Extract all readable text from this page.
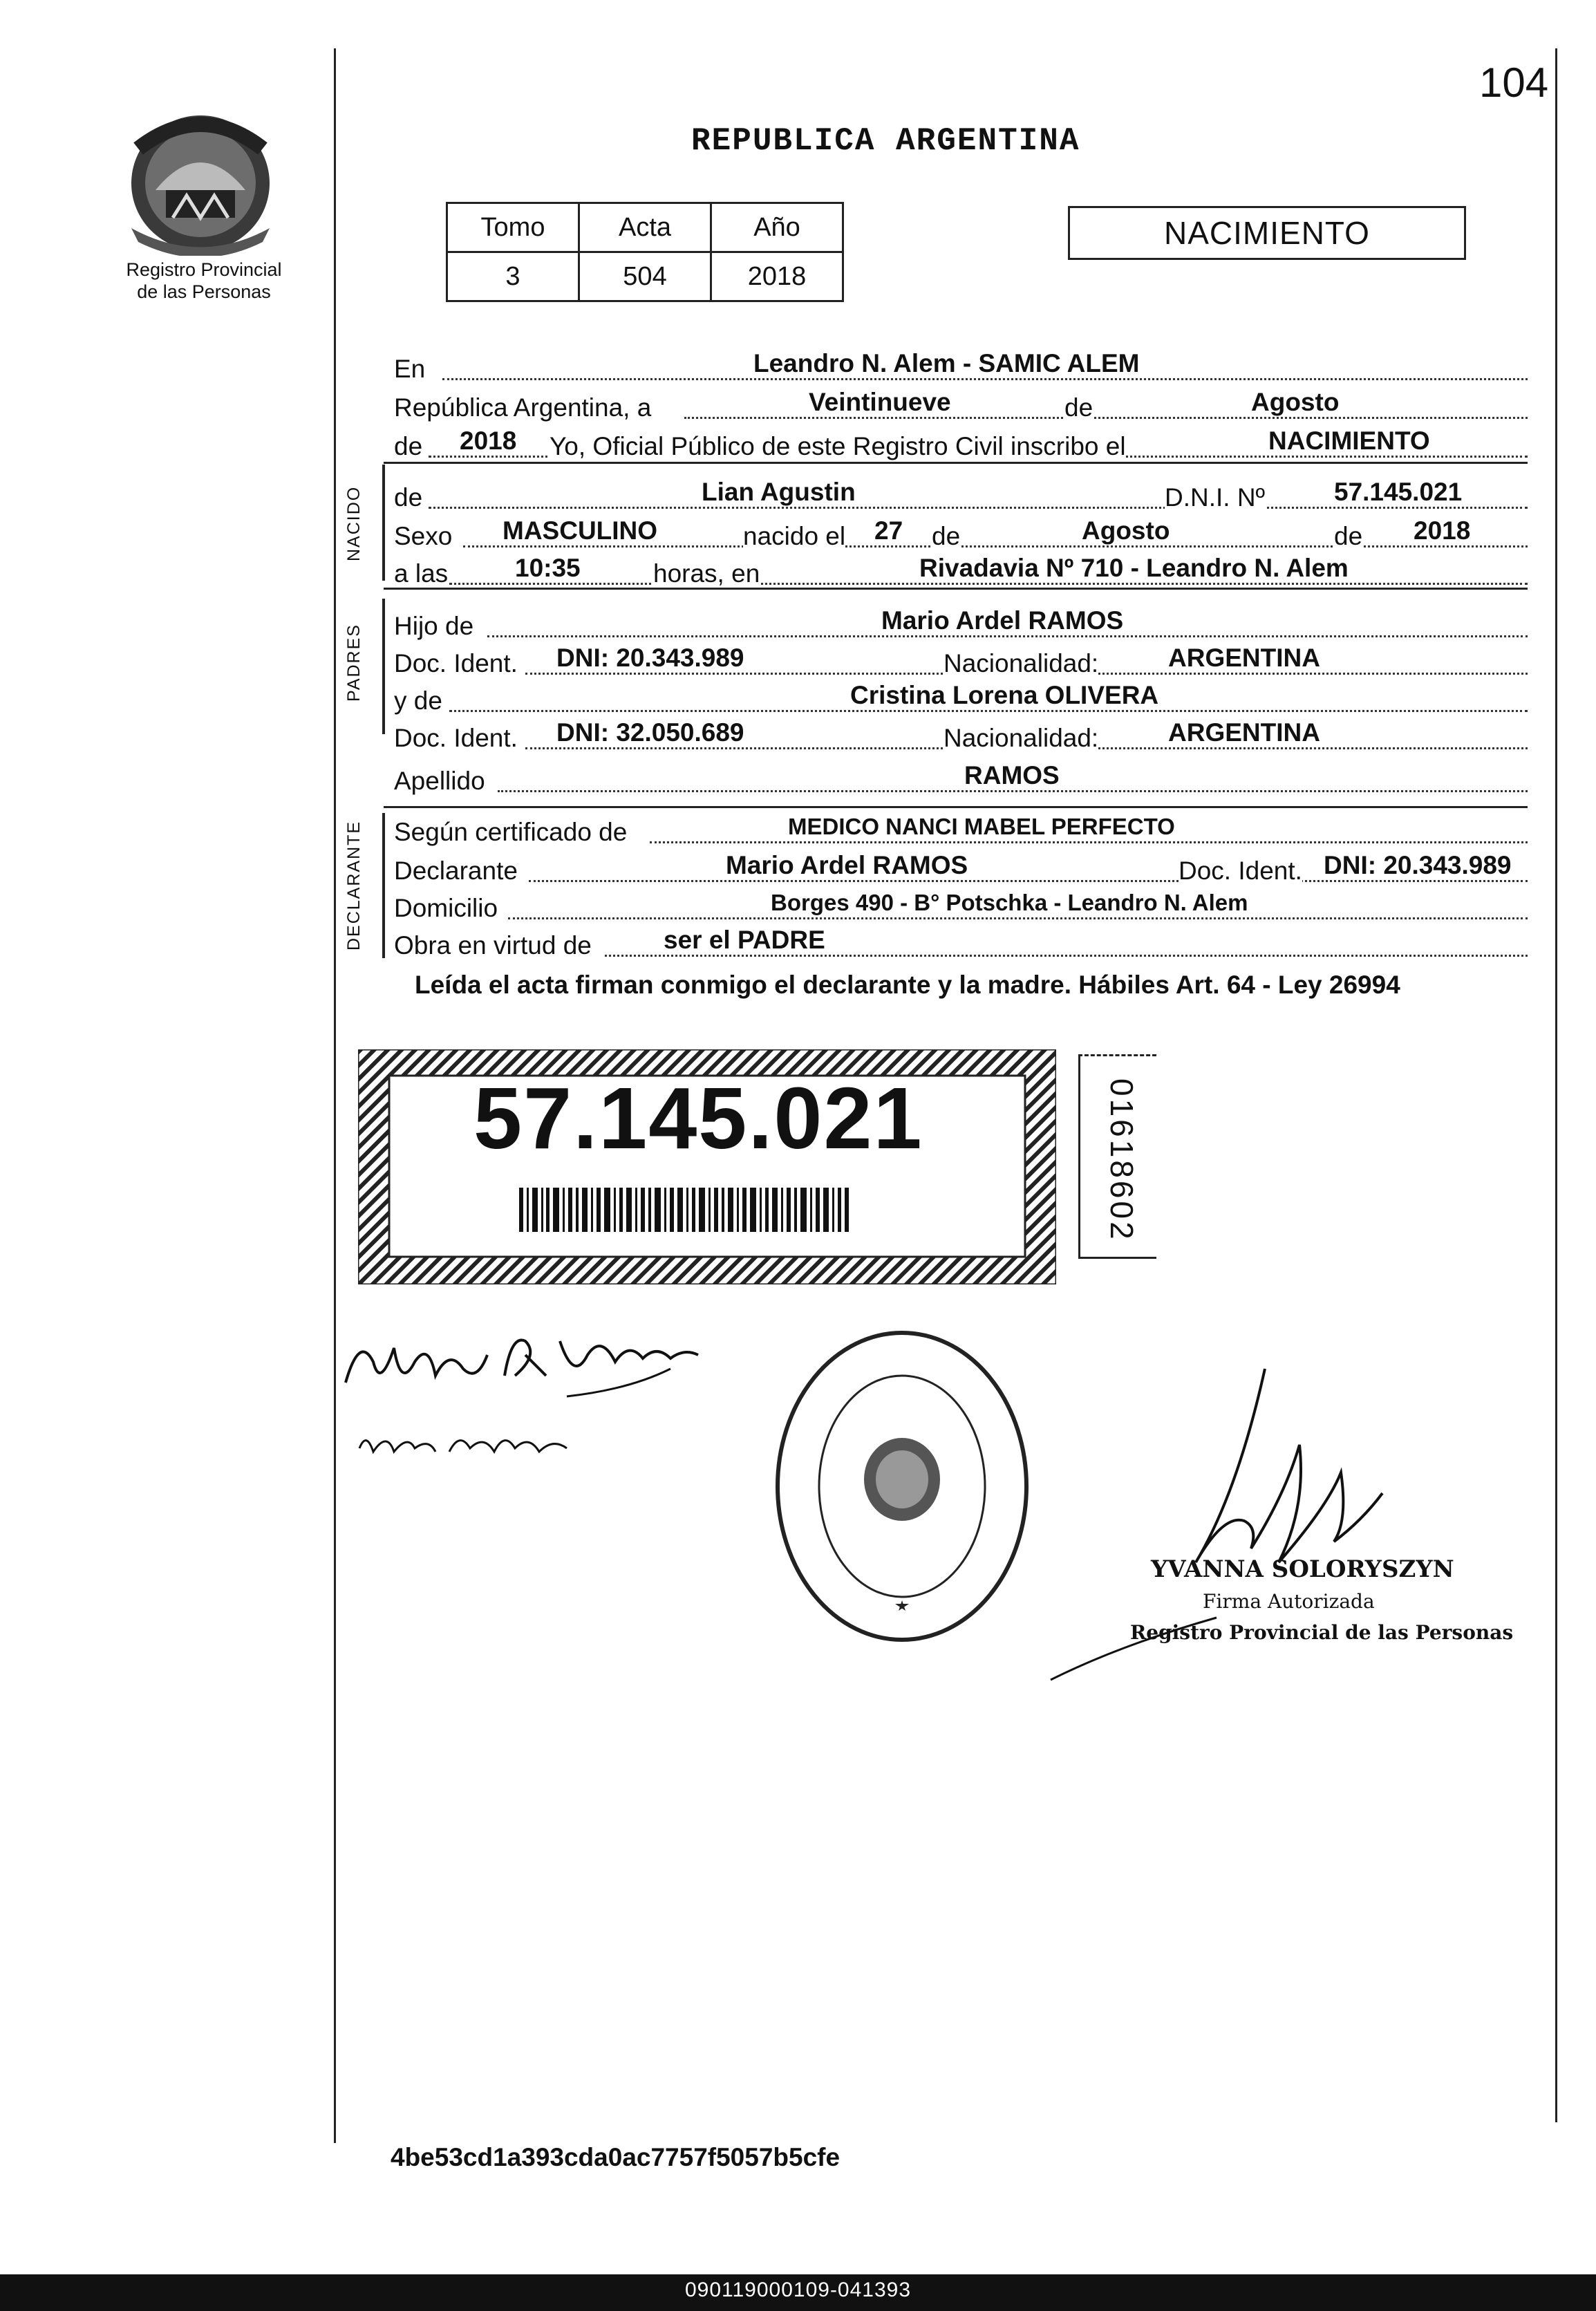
104
Registro Provincial
de las Personas
REPUBLICA ARGENTINA
Tomo	Acta	Año
3	504	2018
NACIMIENTO
En	Leandro N. Alem - SAMIC ALEM
República Argentina, a	Veintinueve	de	Agosto
de 2018 Yo, Oficial Público de este Registro Civil inscribo el	NACIMIENTO
NACIDO de	Lian Agustin	D.N.I. Nº	57.145.021
Sexo MASCULINO	nacido el 27 de	Agosto	de 2018
a las	10:35	horas, en	Rivadavia Nº 710 - Leandro N. Alem
PADRES Hijo de	Mario Ardel RAMOS
Doc. Ident. DNI: 20.343.989	Nacionalidad:	ARGENTINA
y de	Cristina Lorena OLIVERA
Doc. Ident. DNI: 32.050.689	Nacionalidad:	ARGENTINA
Apellido	RAMOS
DECLARANTE Según certificado de	MEDICO NANCI MABEL PERFECTO
Declarante	Mario Ardel RAMOS	Doc. Ident. DNI: 20.343.989
Domicilio	Borges 490 - B° Potschka - Leandro N. Alem
Obra en virtud de	ser el PADRE
Leída el acta firman conmigo el declarante y la madre. Hábiles Art. 64 - Ley 26994
57.145.021	01618602
YVANNA SOLORYSZYN
Firma Autorizada
Registro Provincial de las Personas
4be53cd1a393cda0ac7757f5057b5cfe
090119000109-041393
